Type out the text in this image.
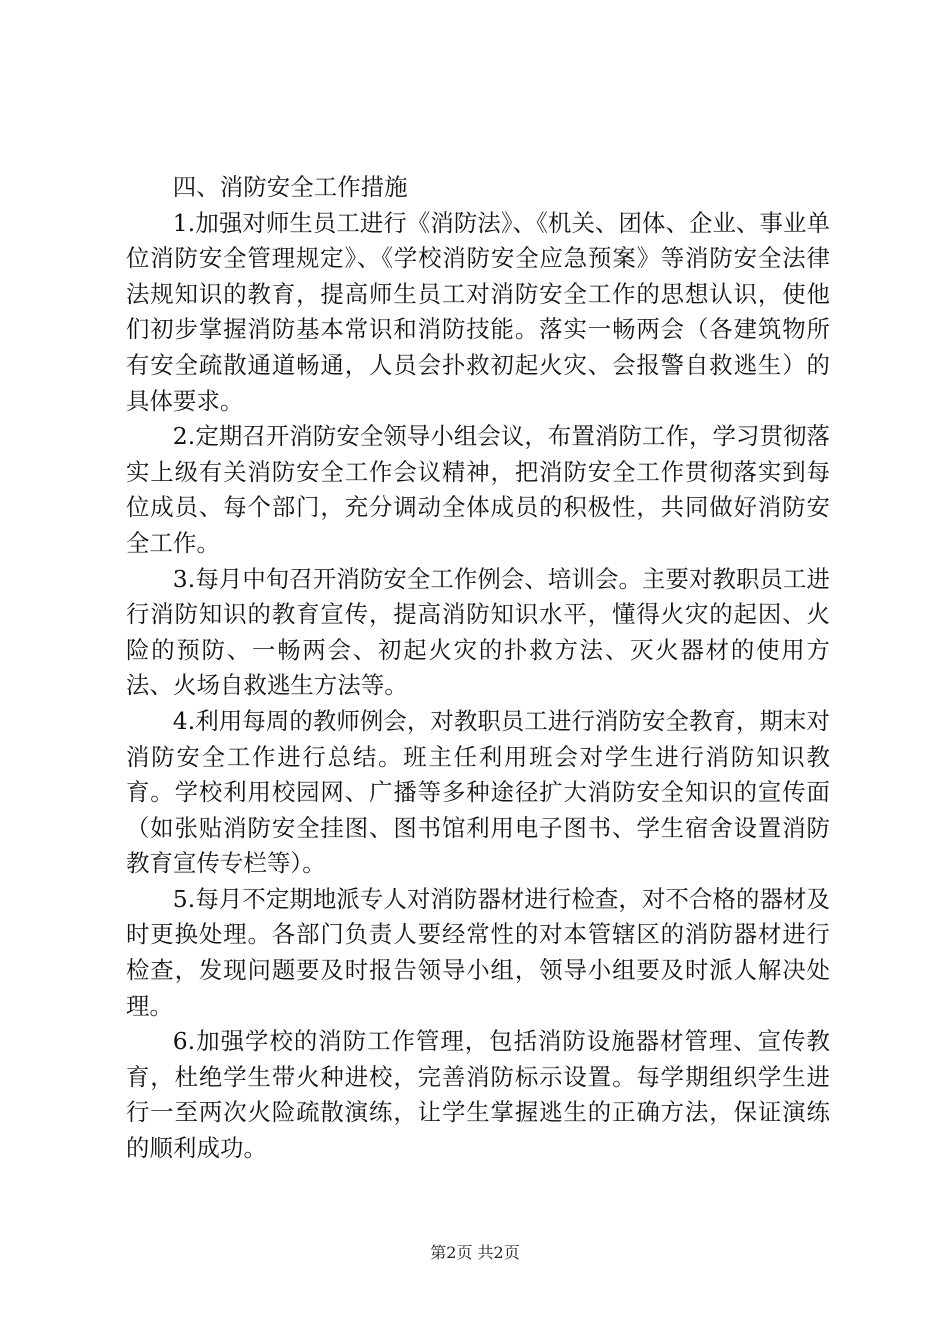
四、消防安全工作措施

1.加强对师生员工进行《消防法》、《机关、团体、企业、事业单位消防安全管理规定》、《学校消防安全应急预案》等消防安全法律法规知识的教育，提高师生员工对消防安全工作的思想认识，使他们初步掌握消防基本常识和消防技能。落实一畅两会（各建筑物所有安全疏散通道畅通，人员会扑救初起火灾、会报警自救逃生）的具体要求。

2.定期召开消防安全领导小组会议，布置消防工作，学习贯彻落实上级有关消防安全工作会议精神，把消防安全工作贯彻落实到每位成员、每个部门，充分调动全体成员的积极性，共同做好消防安全工作。

3.每月中旬召开消防安全工作例会、培训会。主要对教职员工进行消防知识的教育宣传，提高消防知识水平，懂得火灾的起因、火险的预防、一畅两会、初起火灾的扑救方法、灭火器材的使用方法、火场自救逃生方法等。

4.利用每周的教师例会，对教职员工进行消防安全教育，期末对消防安全工作进行总结。班主任利用班会对学生进行消防知识教育。学校利用校园网、广播等多种途径扩大消防安全知识的宣传面（如张贴消防安全挂图、图书馆利用电子图书、学生宿舍设置消防教育宣传专栏等）。

5.每月不定期地派专人对消防器材进行检查，对不合格的器材及时更换处理。各部门负责人要经常性的对本管辖区的消防器材进行检查，发现问题要及时报告领导小组，领导小组要及时派人解决处理。

6.加强学校的消防工作管理，包括消防设施器材管理、宣传教育，杜绝学生带火种进校，完善消防标示设置。每学期组织学生进行一至两次火险疏散演练，让学生掌握逃生的正确方法，保证演练的顺利成功。

第2页 共2页
